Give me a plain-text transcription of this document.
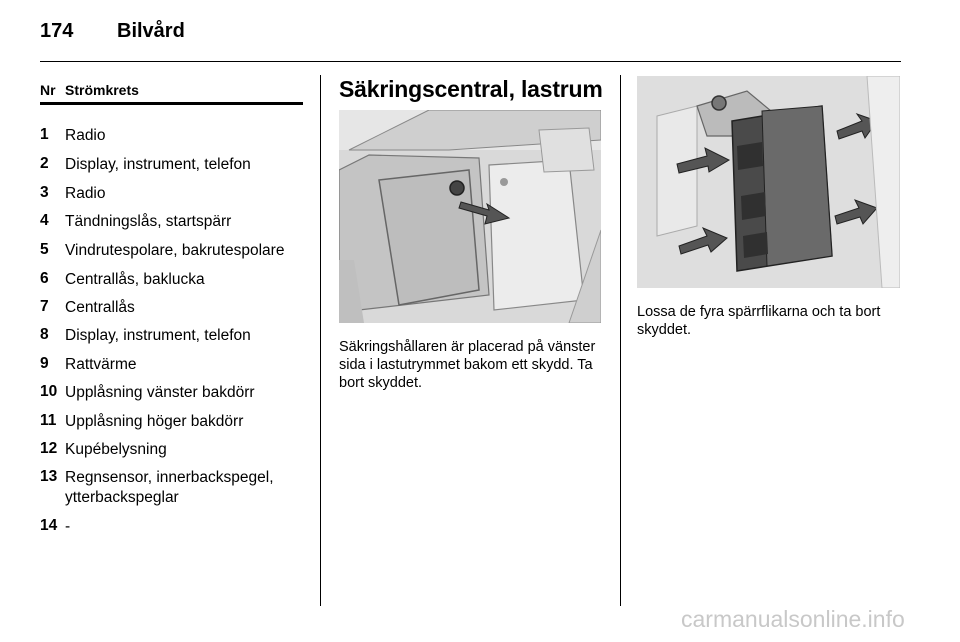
174 Bilvård
Nr Strömkrets
1 Radio
2 Display, instrument, telefon
3 Radio
4 Tändningslås, startspärr
5 Vindrutespolare, bakrutespolare
6 Centrallås, baklucka
7 Centrallås
8 Display, instrument, telefon
9 Rattvärme
10 Upplåsning vänster bakdörr
11 Upplåsning höger bakdörr
12 Kupébelysning
13 Regnsensor, innerbackspegel, ytterbackspeglar
14 -
Säkringscentral, lastrum
Säkringshållaren är placerad på vänster sida i lastutrymmet bakom ett skydd. Ta bort skyddet.
Lossa de fyra spärrflikarna och ta bort skyddet.
carmanualsonline.info
